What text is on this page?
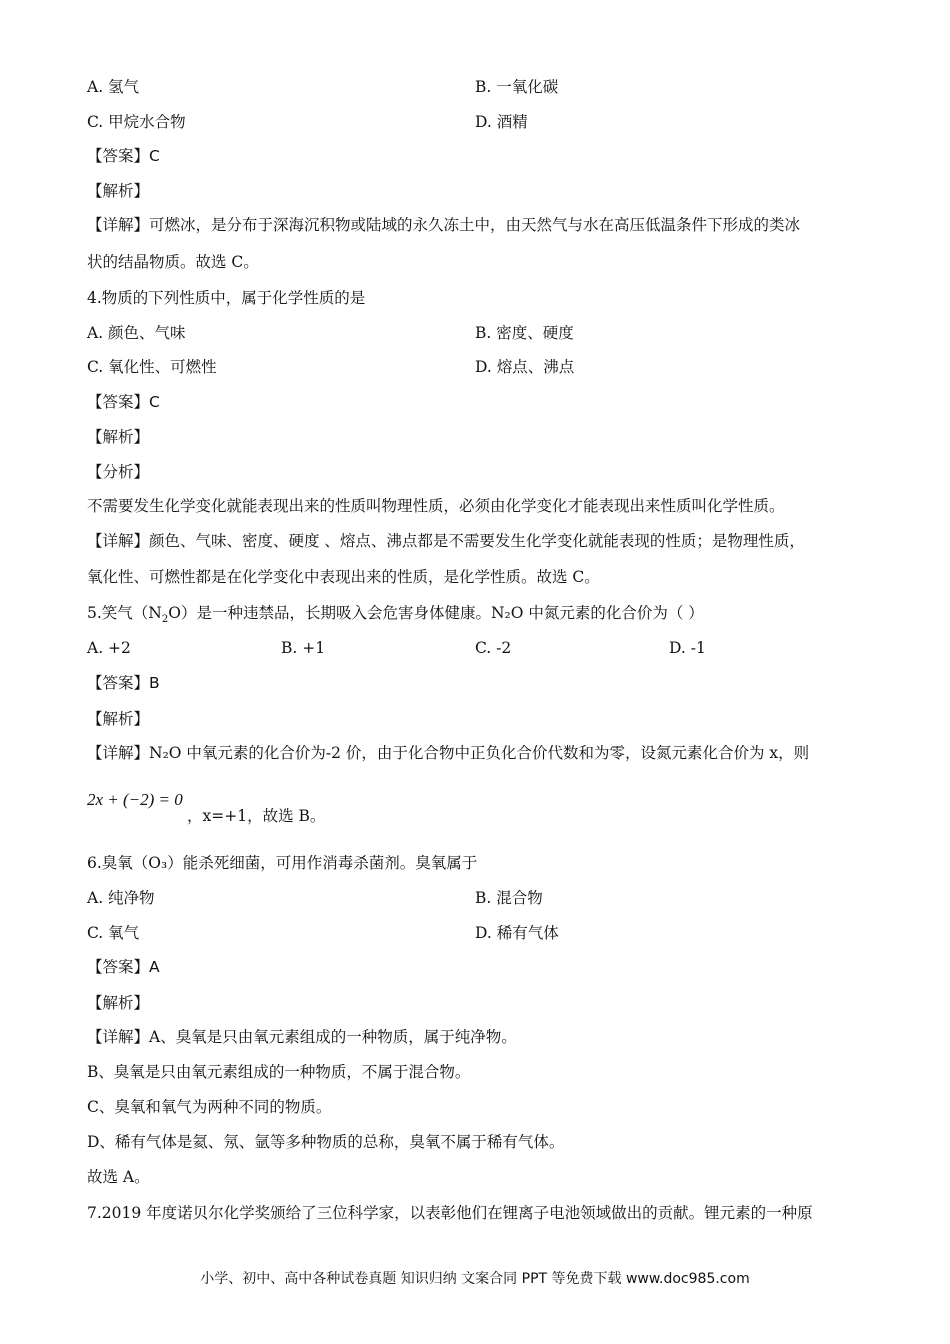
A. 氢气	B. 一氧化碳
C. 甲烷水合物	D. 酒精
【答案】C
【解析】
【详解】可燃冰，是分布于深海沉积物或陆域的永久冻土中，由天然气与水在高压低温条件下形成的类冰
状的结晶物质。故选 C。
4.物质的下列性质中，属于化学性质的是
A. 颜色、气味	B. 密度、硬度
C. 氧化性、可燃性	D. 熔点、沸点
【答案】C
【解析】
【分析】
不需要发生化学变化就能表现出来的性质叫物理性质，必须由化学变化才能表现出来性质叫化学性质。
【详解】颜色、气味、密度、硬度 、熔点、沸点都是不需要发生化学变化就能表现的性质；是物理性质，
氧化性、可燃性都是在化学变化中表现出来的性质，是化学性质。故选 C。
5.笑气$(N_2O)$是一种违禁品，长期吸入会危害身体健康。N₂O 中氮元素的化合价为（ ）
A. +2	B. +1	C. -2	D. -1
【答案】B
【解析】
【详解】N₂O 中氧元素的化合价为-2 价，由于化合物中正负化合价代数和为零，设氮元素化合价为 x，则
2x + (−2) = 0
，x=+1，故选 B。
6.臭氧（O₃）能杀死细菌，可用作消毒杀菌剂。臭氧属于
A. 纯净物	B. 混合物
C. 氧气	D. 稀有气体
【答案】A
【解析】
【详解】A、臭氧是只由氧元素组成的一种物质，属于纯净物。
B、臭氧是只由氧元素组成的一种物质，不属于混合物。
C、臭氧和氧气为两种不同的物质。
D、稀有气体是氦、氖、氩等多种物质的总称，臭氧不属于稀有气体。
故选 A。
7.2019 年度诺贝尔化学奖颁给了三位科学家，以表彰他们在锂离子电池领域做出的贡献。锂元素的一种原
小学、初中、高中各种试卷真题 知识归纳 文案合同 PPT 等免费下载 www.doc985.com
